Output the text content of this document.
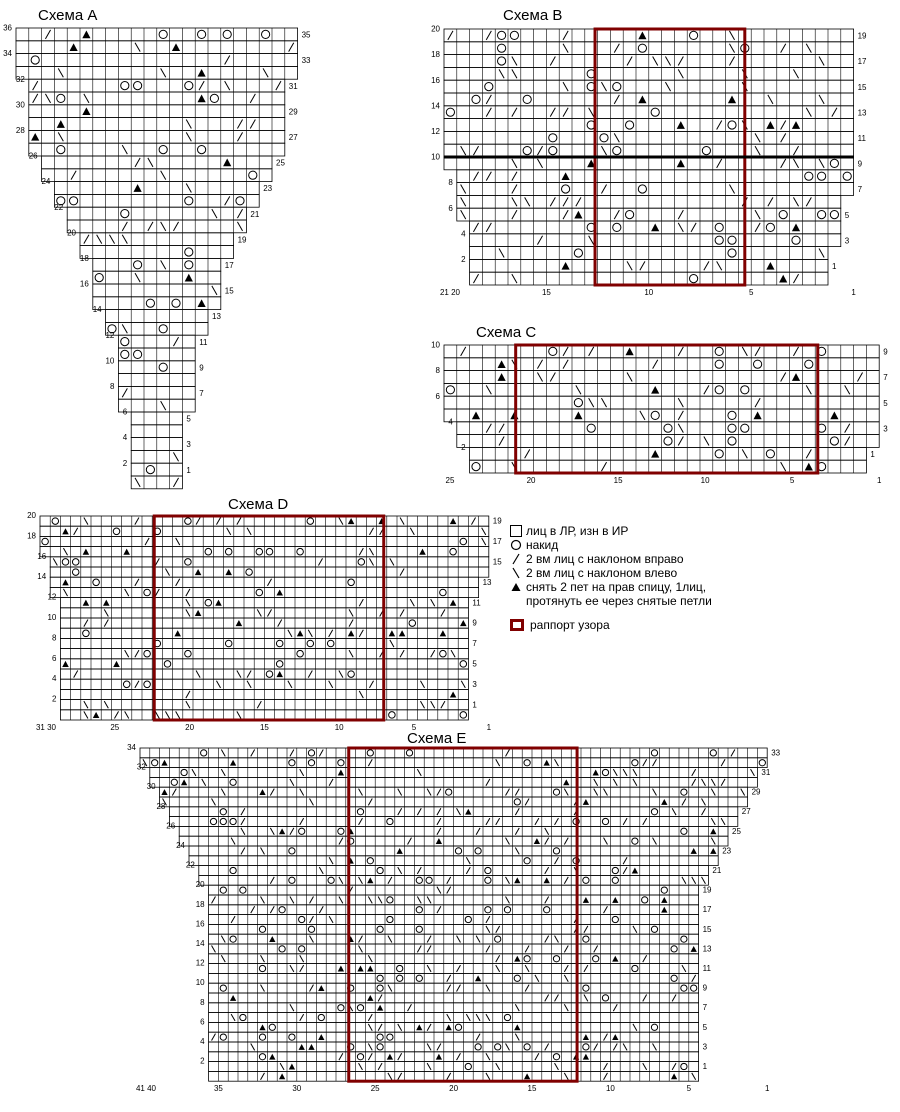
35
33
31
29
27
25
23
21
19
17
15
13
11
9
7
5
3
1
36
34
32
30
28
26
24
22
20
18
16
14
12
10
8
6
4
2
Схема А
19
17
15
13
11
9
7
5
3
1
20
18
16
14
12
10
8
6
4
2
21 20	15	10	5	1
Схема В
9
7
5
3
1
10
8
6
4
2
25	20	15	10	5	1
Схема С
19
17
15
13
11
9
7
5
3
1
20
18
16
14
12
10
8
6
4
2
31 30	25	20	15	10	5	1
Схема D
33
31
29
27
25
23
21
19
17
15
13
11
9
7
5
3
1
34
32
30
28
26
24
22
20
18
16
14
12
10
8
6
4
2
41 40	35	30	25	20	15	10	5	1
Схема E
лиц в ЛР, изн в ИР
накид
2 вм лиц с наклоном вправо
2 вм лиц с наклоном влево
снять 2 пет на прав спицу, 1лиц,
протянуть ее через снятые петли
раппорт узора
